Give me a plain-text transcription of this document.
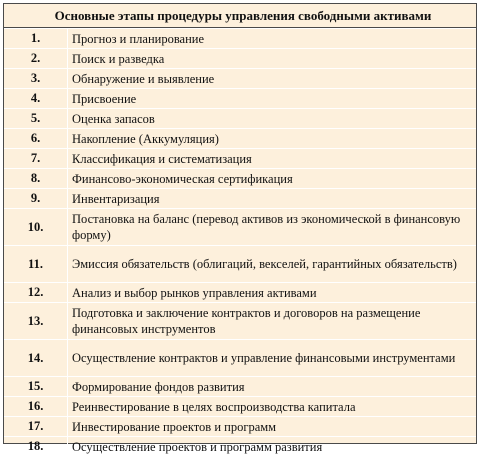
Основные этапы процедуры управления свободными активами
1.	Прогноз и планирование
2.	Поиск и разведка
3.	Обнаружение и выявление
4.	Присвоение
5.	Оценка запасов
6.	Накопление (Аккумуляция)
7.	Классификация и систематизация
8.	Финансово-экономическая сертификация
9.	Инвентаризация
10.	Постановка на баланс (перевод активов из экономической в финансовую форму)
11.	Эмиссия обязательств (облигаций, векселей, гарантийных обязательств)
12.	Анализ и выбор рынков управления активами
13.	Подготовка и заключение контрактов и договоров на размещение финансовых инструментов
14.	Осуществление контрактов и управление финансовыми инструментами
15.	Формирование фондов развития
16.	Реинвестирование в целях воспроизводства капитала
17.	Инвестирование проектов и программ
18.	Осуществление проектов и программ развития
